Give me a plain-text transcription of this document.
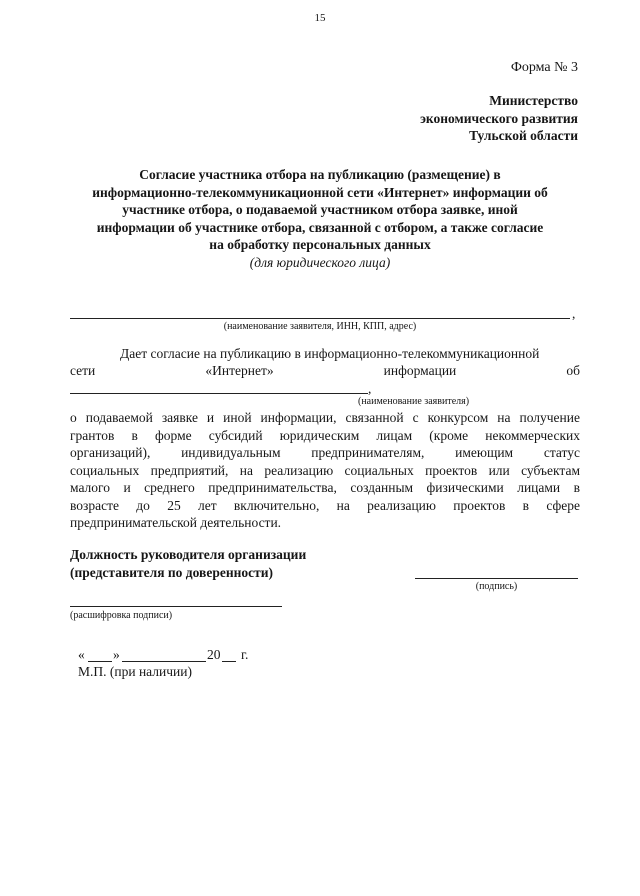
15
Форма № 3
Министерство
экономического развития
Тульской области
Согласие участника отбора на публикацию (размещение) в
информационно-телекоммуникационной сети «Интернет» информации об
участнике отбора, о подаваемой участником отбора заявке, иной
информации об участнике отбора, связанной с отбором, а также согласие
на обработку персональных данных
(для юридического лица)
,
(наименование заявителя, ИНН, КПП, адрес)
Дает согласие на публикацию в информационно-телекоммуникационной
сети	«Интернет»	информации	об
,
(наименование заявителя)
о подаваемой заявке и иной информации, связанной с конкурсом на получение
грантов в форме субсидий юридическим лицам (кроме некоммерческих
организаций), индивидуальным предпринимателям, имеющим статус
социальных предприятий, на реализацию социальных проектов или субъектам
малого и среднего предпринимательства, созданным физическими лицами в
возрасте до 25 лет включительно, на реализацию проектов в сфере
предпринимательской деятельности.
Должность руководителя организации
(представителя по доверенности)
(подпись)
(расшифровка подписи)
« »	20 г.
М.П. (при наличии)
